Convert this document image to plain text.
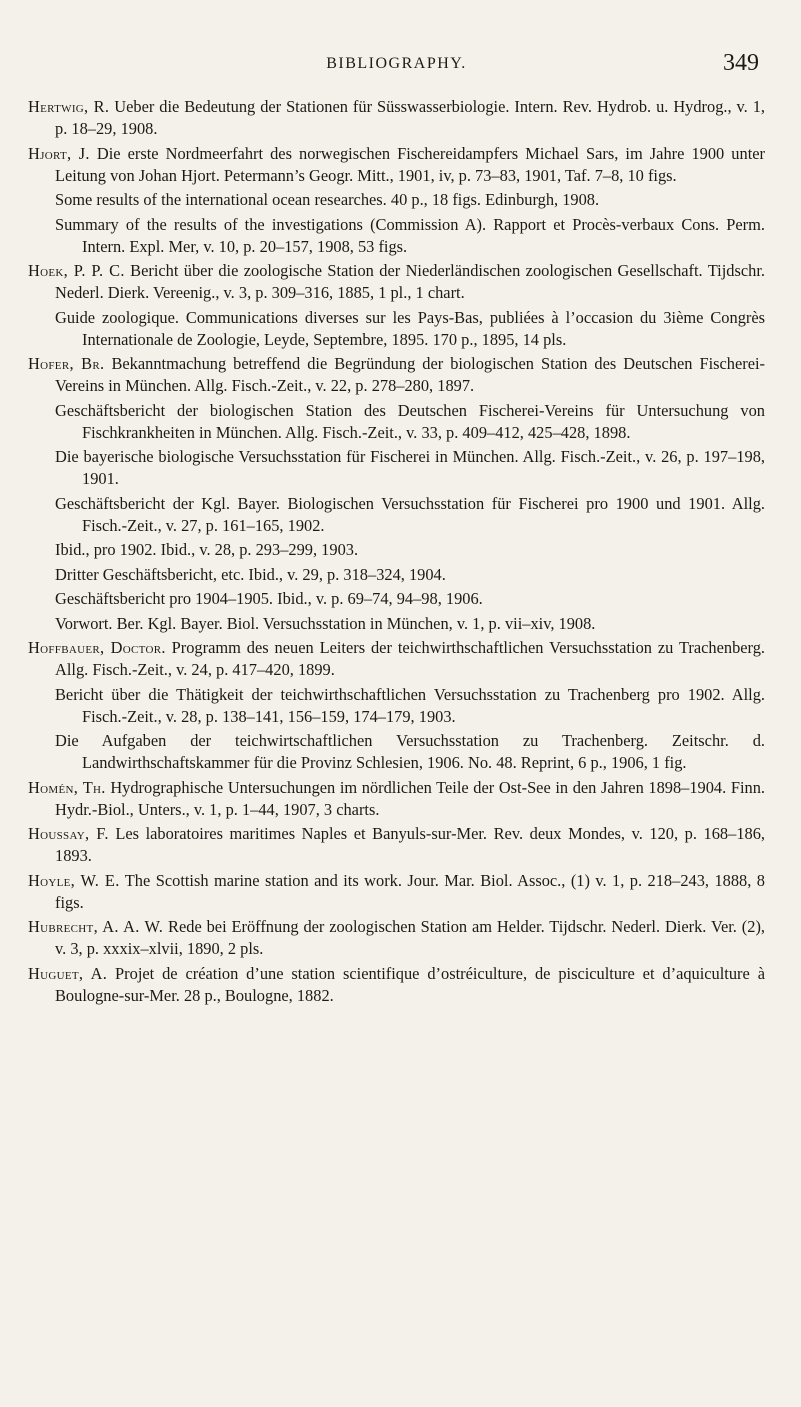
BIBLIOGRAPHY.	349

Hertwig, R. Ueber die Bedeutung der Stationen für Süsswasserbiologie. Intern. Rev. Hydrob. u. Hydrog., v. 1, p. 18–29, 1908.

Hjort, J. Die erste Nordmeerfahrt des norwegischen Fischereidampfers Michael Sars, im Jahre 1900 unter Leitung von Johan Hjort. Petermann’s Geogr. Mitt., 1901, iv, p. 73–83, 1901, Taf. 7–8, 10 figs.

Some results of the international ocean researches. 40 p., 18 figs. Edinburgh, 1908.

Summary of the results of the investigations (Commission A). Rapport et Procès-verbaux Cons. Perm. Intern. Expl. Mer, v. 10, p. 20–157, 1908, 53 figs.

Hoek, P. P. C. Bericht über die zoologische Station der Niederländischen zoologischen Gesellschaft. Tijdschr. Nederl. Dierk. Vereenig., v. 3, p. 309–316, 1885, 1 pl., 1 chart.

Guide zoologique. Communications diverses sur les Pays-Bas, publiées à l’occasion du 3ième Congrès Internationale de Zoologie, Leyde, Septembre, 1895. 170 p., 1895, 14 pls.

Hofer, Br. Bekanntmachung betreffend die Begründung der biologischen Station des Deutschen Fischerei-Vereins in München. Allg. Fisch.-Zeit., v. 22, p. 278–280, 1897.

Geschäftsbericht der biologischen Station des Deutschen Fischerei-Vereins für Untersuchung von Fischkrankheiten in München. Allg. Fisch.-Zeit., v. 33, p. 409–412, 425–428, 1898.

Die bayerische biologische Versuchsstation für Fischerei in München. Allg. Fisch.-Zeit., v. 26, p. 197–198, 1901.

Geschäftsbericht der Kgl. Bayer. Biologischen Versuchsstation für Fischerei pro 1900 und 1901. Allg. Fisch.-Zeit., v. 27, p. 161–165, 1902.

Ibid., pro 1902. Ibid., v. 28, p. 293–299, 1903.

Dritter Geschäftsbericht, etc. Ibid., v. 29, p. 318–324, 1904.

Geschäftsbericht pro 1904–1905. Ibid., v. p. 69–74, 94–98, 1906.

Vorwort. Ber. Kgl. Bayer. Biol. Versuchsstation in München, v. 1, p. vii–xiv, 1908.

Hoffbauer, Doctor. Programm des neuen Leiters der teichwirthschaftlichen Versuchsstation zu Trachenberg. Allg. Fisch.-Zeit., v. 24, p. 417–420, 1899.

Bericht über die Thätigkeit der teichwirthschaftlichen Versuchsstation zu Trachenberg pro 1902. Allg. Fisch.-Zeit., v. 28, p. 138–141, 156–159, 174–179, 1903.

Die Aufgaben der teichwirtschaftlichen Versuchsstation zu Trachenberg. Zeitschr. d. Landwirthschaftskammer für die Provinz Schlesien, 1906. No. 48. Reprint, 6 p., 1906, 1 fig.

Homén, Th. Hydrographische Untersuchungen im nördlichen Teile der Ost-See in den Jahren 1898–1904. Finn. Hydr.-Biol., Unters., v. 1, p. 1–44, 1907, 3 charts.

Houssay, F. Les laboratoires maritimes Naples et Banyuls-sur-Mer. Rev. deux Mondes, v. 120, p. 168–186, 1893.

Hoyle, W. E. The Scottish marine station and its work. Jour. Mar. Biol. Assoc., (1) v. 1, p. 218–243, 1888, 8 figs.

Hubrecht, A. A. W. Rede bei Eröffnung der zoologischen Station am Helder. Tijdschr. Nederl. Dierk. Ver. (2), v. 3, p. xxxix–xlvii, 1890, 2 pls.

Huguet, A. Projet de création d’une station scientifique d’ostréiculture, de pisciculture et d’aquiculture à Boulogne-sur-Mer. 28 p., Boulogne, 1882.
